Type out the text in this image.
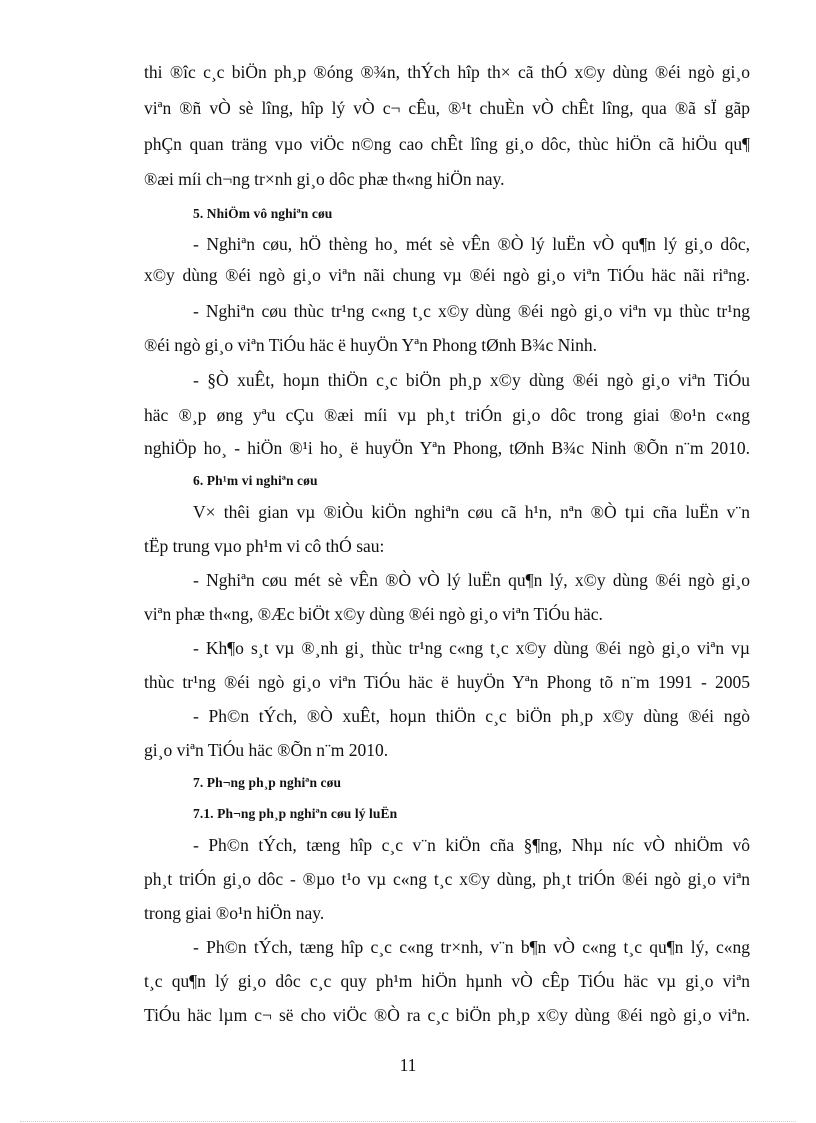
thi ®îc c¸c biÖn ph¸p ®óng ®¾n, thÝch hîp th× cã thÓ x©y dùng ®éi ngò gi¸o
viªn ®ñ vÒ sè lîng, hîp lý vÒ c¬ cÊu, ®¹t chuÈn vÒ chÊt lîng, qua ®ã sÏ gãp
phÇn quan träng vµo viÖc n©ng cao chÊt lîng gi¸o dôc, thùc hiÖn cã hiÖu qu¶
®æi míi ch¬ng tr×nh gi¸o dôc phæ th«ng hiÖn nay.
5. NhiÖm vô nghiªn cøu
- Nghiªn cøu, hÖ thèng ho¸ mét sè vÊn ®Ò lý luËn vÒ qu¶n lý gi¸o dôc,
x©y dùng ®éi ngò gi¸o viªn nãi chung vµ ®éi ngò gi¸o viªn TiÓu häc nãi riªng.
- Nghiªn cøu thùc tr¹ng c«ng t¸c x©y dùng ®éi ngò gi¸o viªn vµ thùc tr¹ng
®éi ngò gi¸o viªn TiÓu häc ë huyÖn Yªn Phong tØnh B¾c Ninh.
- §Ò xuÊt, hoµn thiÖn c¸c biÖn ph¸p x©y dùng ®éi ngò gi¸o viªn TiÓu
häc ®¸p øng yªu cÇu ®æi míi vµ ph¸t triÓn gi¸o dôc trong giai ®o¹n c«ng
nghiÖp ho¸ - hiÖn ®¹i ho¸ ë huyÖn Yªn Phong, tØnh B¾c Ninh ®Õn n¨m 2010.
6. Ph¹m vi nghiªn cøu
V× thêi gian vµ ®iÒu kiÖn nghiªn cøu cã h¹n, nªn ®Ò tµi cña luËn v¨n
tËp trung vµo ph¹m vi cô thÓ sau:
- Nghiªn cøu mét sè vÊn ®Ò vÒ lý luËn qu¶n lý, x©y dùng ®éi ngò gi¸o
viªn phæ th«ng, ®Æc biÖt x©y dùng ®éi ngò gi¸o viªn TiÓu häc.
- Kh¶o s¸t vµ ®¸nh gi¸ thùc tr¹ng c«ng t¸c x©y dùng ®éi ngò gi¸o viªn vµ
thùc tr¹ng ®éi ngò gi¸o viªn TiÓu häc ë huyÖn Yªn Phong tõ n¨m 1991 - 2005
- Ph©n tÝch, ®Ò xuÊt, hoµn thiÖn c¸c biÖn ph¸p x©y dùng ®éi ngò
gi¸o viªn TiÓu häc ®Õn n¨m 2010.
7. Ph¬ng ph¸p nghiªn cøu
7.1. Ph¬ng ph¸p nghiªn cøu lý luËn
- Ph©n tÝch, tæng hîp c¸c v¨n kiÖn cña §¶ng, Nhµ níc vÒ nhiÖm vô
ph¸t triÓn gi¸o dôc - ®µo t¹o vµ c«ng t¸c x©y dùng, ph¸t triÓn ®éi ngò gi¸o viªn
trong giai ®o¹n hiÖn nay.
- Ph©n tÝch, tæng hîp c¸c c«ng tr×nh, v¨n b¶n vÒ c«ng t¸c qu¶n lý, c«ng
t¸c qu¶n lý gi¸o dôc c¸c quy ph¹m hiÖn hµnh vÒ cÊp TiÓu häc vµ gi¸o viªn
TiÓu häc lµm c¬ së cho viÖc ®Ò ra c¸c biÖn ph¸p x©y dùng ®éi ngò gi¸o viªn.
11
